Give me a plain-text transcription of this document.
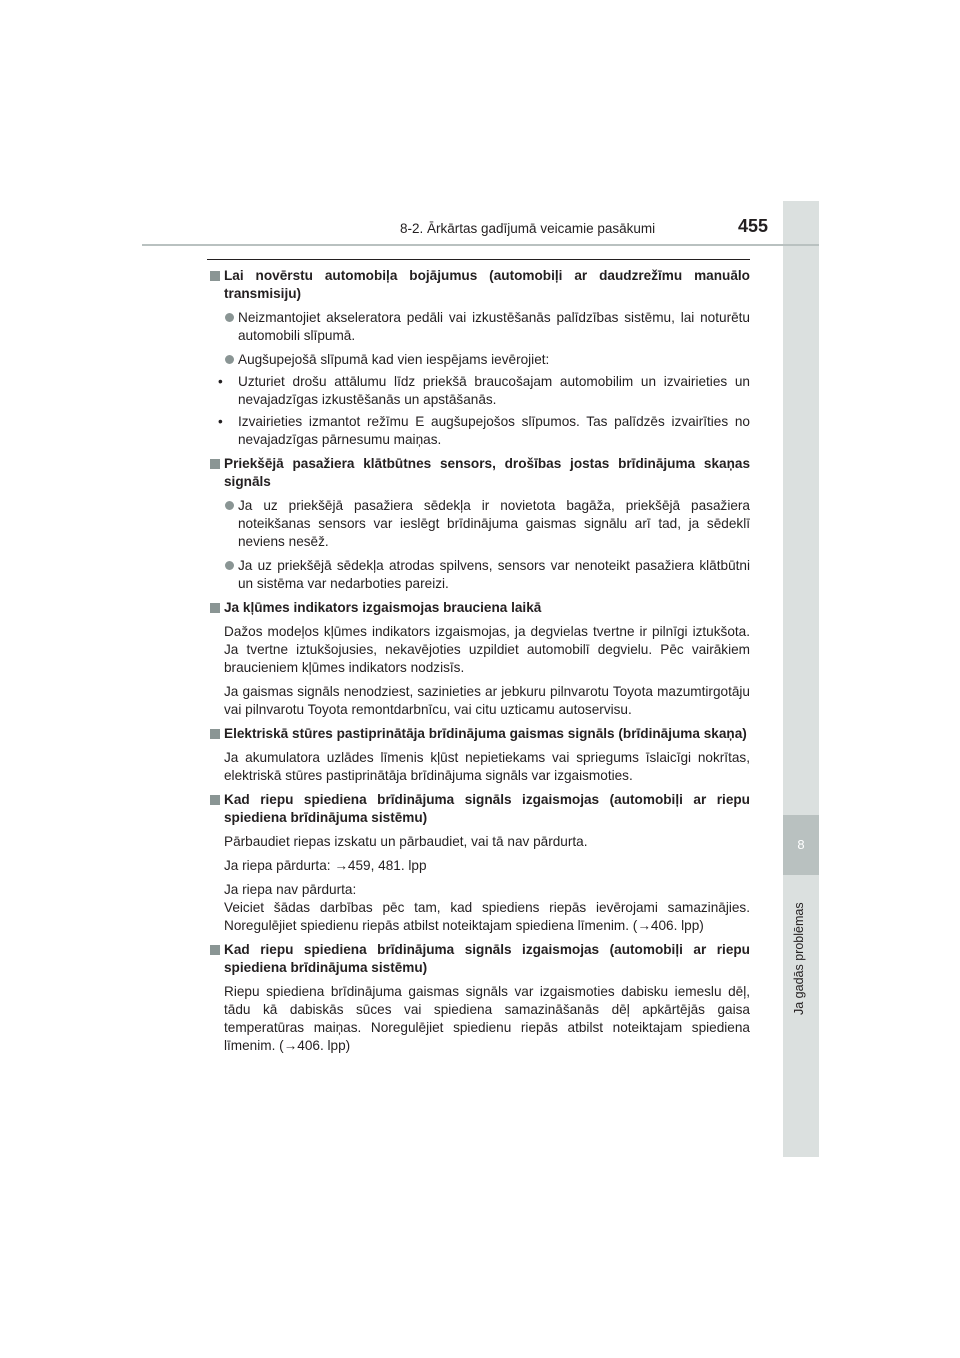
8
Ja gadās problēmas
8-2. Ārkārtas gadījumā veicamie pasākumi	455
Lai novērstu automobiļa bojājumus (automobiļi ar daudzrežīmu manuālo transmisiju)
Neizmantojiet akseleratora pedāli vai izkustēšanās palīdzības sistēmu, lai noturētu automobili slīpumā.
Augšupejošā slīpumā kad vien iespējams ievērojiet:
• Uzturiet drošu attālumu līdz priekšā braucošajam automobilim un izvairieties un nevajadzīgas izkustēšanās un apstāšanās.
• Izvairieties izmantot režīmu E augšupejošos slīpumos. Tas palīdzēs izvairīties no nevajadzīgas pārnesumu maiņas.
Priekšējā pasažiera klātbūtnes sensors, drošības jostas brīdinājuma skaņas signāls
Ja uz priekšējā pasažiera sēdekļa ir novietota bagāža, priekšējā pasažiera noteikšanas sensors var ieslēgt brīdinājuma gaismas signālu arī tad, ja sēdeklī neviens nesēž.
Ja uz priekšējā sēdekļa atrodas spilvens, sensors var nenoteikt pasažiera klātbūtni un sistēma var nedarboties pareizi.
Ja kļūmes indikators izgaismojas brauciena laikā
Dažos modeļos kļūmes indikators izgaismojas, ja degvielas tvertne ir pilnīgi iztukšota. Ja tvertne iztukšojusies, nekavējoties uzpildiet automobilī degvielu. Pēc vairākiem braucieniem kļūmes indikators nodzisīs.
Ja gaismas signāls nenodziest, sazinieties ar jebkuru pilnvarotu Toyota mazumtirgotāju vai pilnvarotu Toyota remontdarbnīcu, vai citu uzticamu autoservisu.
Elektriskā stūres pastiprinātāja brīdinājuma gaismas signāls (brīdinājuma skaņa)
Ja akumulatora uzlādes līmenis kļūst nepietiekams vai spriegums īslaicīgi nokrītas, elektriskā stūres pastiprinātāja brīdinājuma signāls var izgaismoties.
Kad riepu spiediena brīdinājuma signāls izgaismojas (automobiļi ar riepu spiediena brīdinājuma sistēmu)
Pārbaudiet riepas izskatu un pārbaudiet, vai tā nav pārdurta.
Ja riepa pārdurta: →459, 481. lpp
Ja riepa nav pārdurta:
Veiciet šādas darbības pēc tam, kad spiediens riepās ievērojami samazinājies. Noregulējiet spiedienu riepās atbilst noteiktajam spiediena līmenim. (→406. lpp)
Kad riepu spiediena brīdinājuma signāls izgaismojas (automobiļi ar riepu spiediena brīdinājuma sistēmu)
Riepu spiediena brīdinājuma gaismas signāls var izgaismoties dabisku iemeslu dēļ, tādu kā dabiskās sūces vai spiediena samazināšanās dēļ apkārtējās gaisa temperatūras maiņas. Noregulējiet spiedienu riepās atbilst noteiktajam spiediena līmenim. (→406. lpp)
